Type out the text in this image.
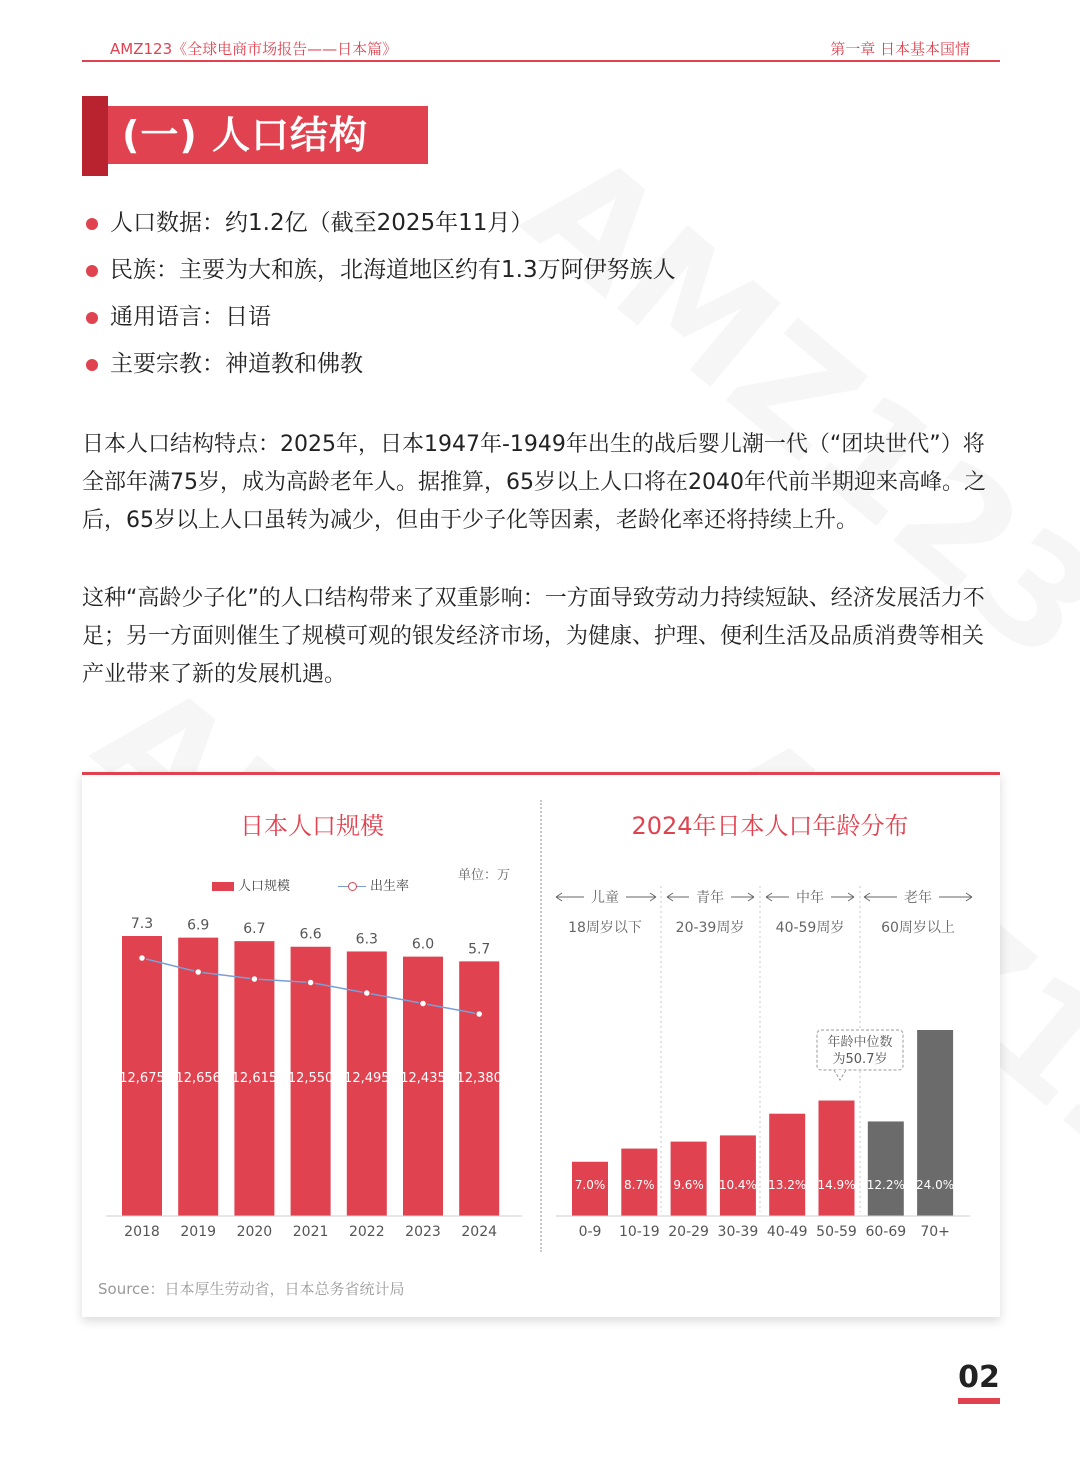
AMZ123《全球电商市场报告——日本篇》	第一章 日本基本国情
(一) 人口结构
人口数据：约1.2亿（截至2025年11月）
民族：主要为大和族，北海道地区约有1.3万阿伊努族人
通用语言：日语
主要宗教：神道教和佛教
日本人口结构特点：2025年，日本1947年-1949年出生的战后婴儿潮一代（“团块世代”）将全部年满75岁，成为高龄老年人。据推算，65岁以上人口将在2040年代前半期迎来高峰。之后，65岁以上人口虽转为减少，但由于少子化等因素，老龄化率还将持续上升。
这种“高龄少子化”的人口结构带来了双重影响：一方面导致劳动力持续短缺、经济发展活力不足；另一方面则催生了规模可观的银发经济市场，为健康、护理、便利生活及品质消费等相关产业带来了新的发展机遇。
日本人口规模	2024年日本人口年龄分布
单位：万
人口规模	出生率
12,675
7.3
2018
12,656
6.9
2019
12,615
6.7
2020
12,550
6.6
2021
12,495
6.3
2022
12,435
6.0
2023
12,380
5.7
2024
7.0%
0-9
8.7%
10-19
9.6%
20-29
10.4%
30-39
13.2%
40-49
14.9%
50-59
12.2%
60-69
24.0%
70+
儿童
18周岁以下
青年
20-39周岁
中年
40-59周岁
老年
60周岁以上
年龄中位数
为50.7岁
Source：日本厚生劳动省，日本总务省统计局
02
